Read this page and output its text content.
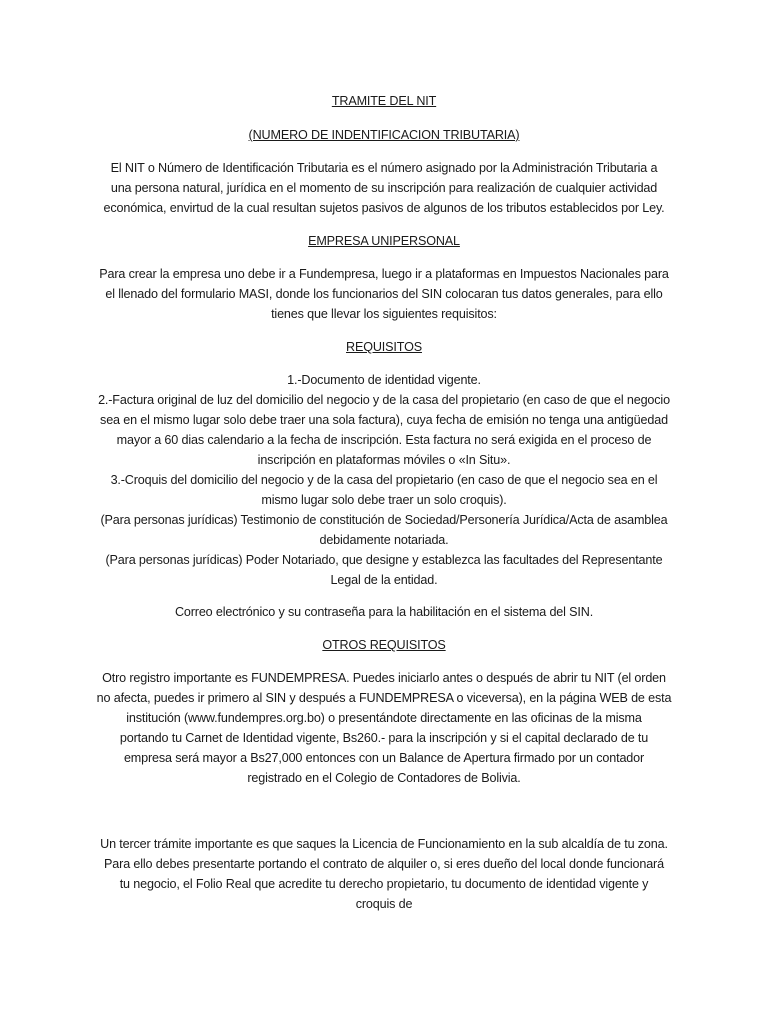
TRAMITE DEL NIT

(NUMERO DE INDENTIFICACION TRIBUTARIA)

El NIT o Número de Identificación Tributaria es el número asignado por la Administración Tributaria a
una persona natural, jurídica en el momento de su inscripción para realización de cualquier actividad
económica, envirtud de la cual resultan sujetos pasivos de algunos de los tributos establecidos por Ley.

EMPRESA UNIPERSONAL

Para crear la empresa uno debe ir a Fundempresa, luego ir a plataformas en Impuestos Nacionales para
el llenado del formulario MASI, donde los funcionarios del SIN colocaran tus datos generales, para ello
tienes que llevar los siguientes requisitos:

REQUISITOS

1.-Documento de identidad vigente.
2.-Factura original de luz del domicilio del negocio y de la casa del propietario (en caso de que el negocio
sea en el mismo lugar solo debe traer una sola factura), cuya fecha de emisión no tenga una antigüedad
mayor a 60 dias calendario a la fecha de inscripción. Esta factura no será exigida en el proceso de
inscripción en plataformas móviles o «In Situ».
3.-Croquis del domicilio del negocio y de la casa del propietario (en caso de que el negocio sea en el
mismo lugar solo debe traer un solo croquis).
(Para personas jurídicas) Testimonio de constitución de Sociedad/Personería Jurídica/Acta de asamblea
debidamente notariada.
(Para personas jurídicas) Poder Notariado, que designe y establezca las facultades del Representante
Legal de la entidad.

Correo electrónico y su contraseña para la habilitación en el sistema del SIN.

OTROS REQUISITOS

Otro registro importante es FUNDEMPRESA. Puedes iniciarlo antes o después de abrir tu NIT (el orden
no afecta, puedes ir primero al SIN y después a FUNDEMPRESA o viceversa), en la página WEB de esta
institución (www.fundempres.org.bo) o presentándote directamente en las oficinas de la misma
portando tu Carnet de Identidad vigente, Bs260.- para la inscripción y si el capital declarado de tu
empresa será mayor a Bs27,000 entonces con un Balance de Apertura firmado por un contador
registrado en el Colegio de Contadores de Bolivia.
Un tercer trámite importante es que saques la Licencia de Funcionamiento en la sub alcaldía de tu zona.
Para ello debes presentarte portando el contrato de alquiler o, si eres dueño del local donde funcionará
tu negocio, el Folio Real que acredite tu derecho propietario, tu documento de identidad vigente y
croquis de
